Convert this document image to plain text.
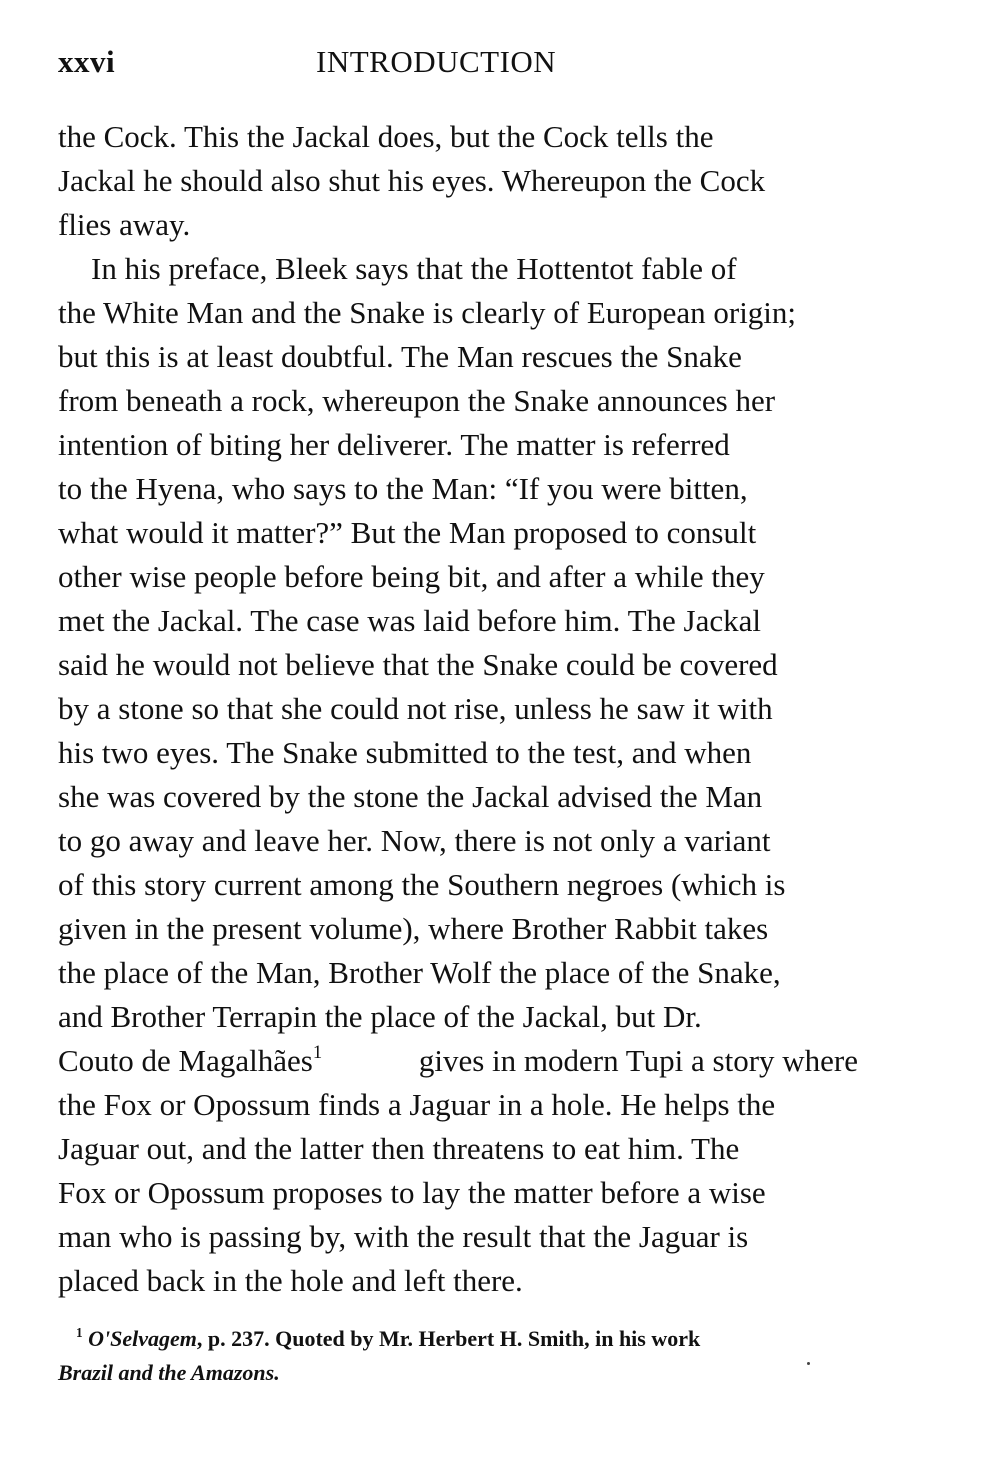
xxvi	INTRODUCTION
the Cock. This the Jackal does, but the Cock tells the
Jackal he should also shut his eyes. Whereupon the Cock
flies away.
In his preface, Bleek says that the Hottentot fable of
the White Man and the Snake is clearly of European origin;
but this is at least doubtful. The Man rescues the Snake
from beneath a rock, whereupon the Snake announces her
intention of biting her deliverer. The matter is referred
to the Hyena, who says to the Man: “If you were bitten,
what would it matter?” But the Man proposed to consult
other wise people before being bit, and after a while they
met the Jackal. The case was laid before him. The Jackal
said he would not believe that the Snake could be covered
by a stone so that she could not rise, unless he saw it with
his two eyes. The Snake submitted to the test, and when
she was covered by the stone the Jackal advised the Man
to go away and leave her. Now, there is not only a variant
of this story current among the Southern negroes (which is
given in the present volume), where Brother Rabbit takes
the place of the Man, Brother Wolf the place of the Snake,
and Brother Terrapin the place of the Jackal, but Dr.
Couto de Magalhães$^1$	gives in modern Tupi a story where
the Fox or Opossum finds a Jaguar in a hole. He helps the
Jaguar out, and the latter then threatens to eat him. The
Fox or Opossum proposes to lay the matter before a wise
man who is passing by, with the result that the Jaguar is
placed back in the hole and left there.
$^1$ O'Selvagem, p. 237. Quoted by Mr. Herbert H. Smith, in his work
Brazil and the Amazons.
